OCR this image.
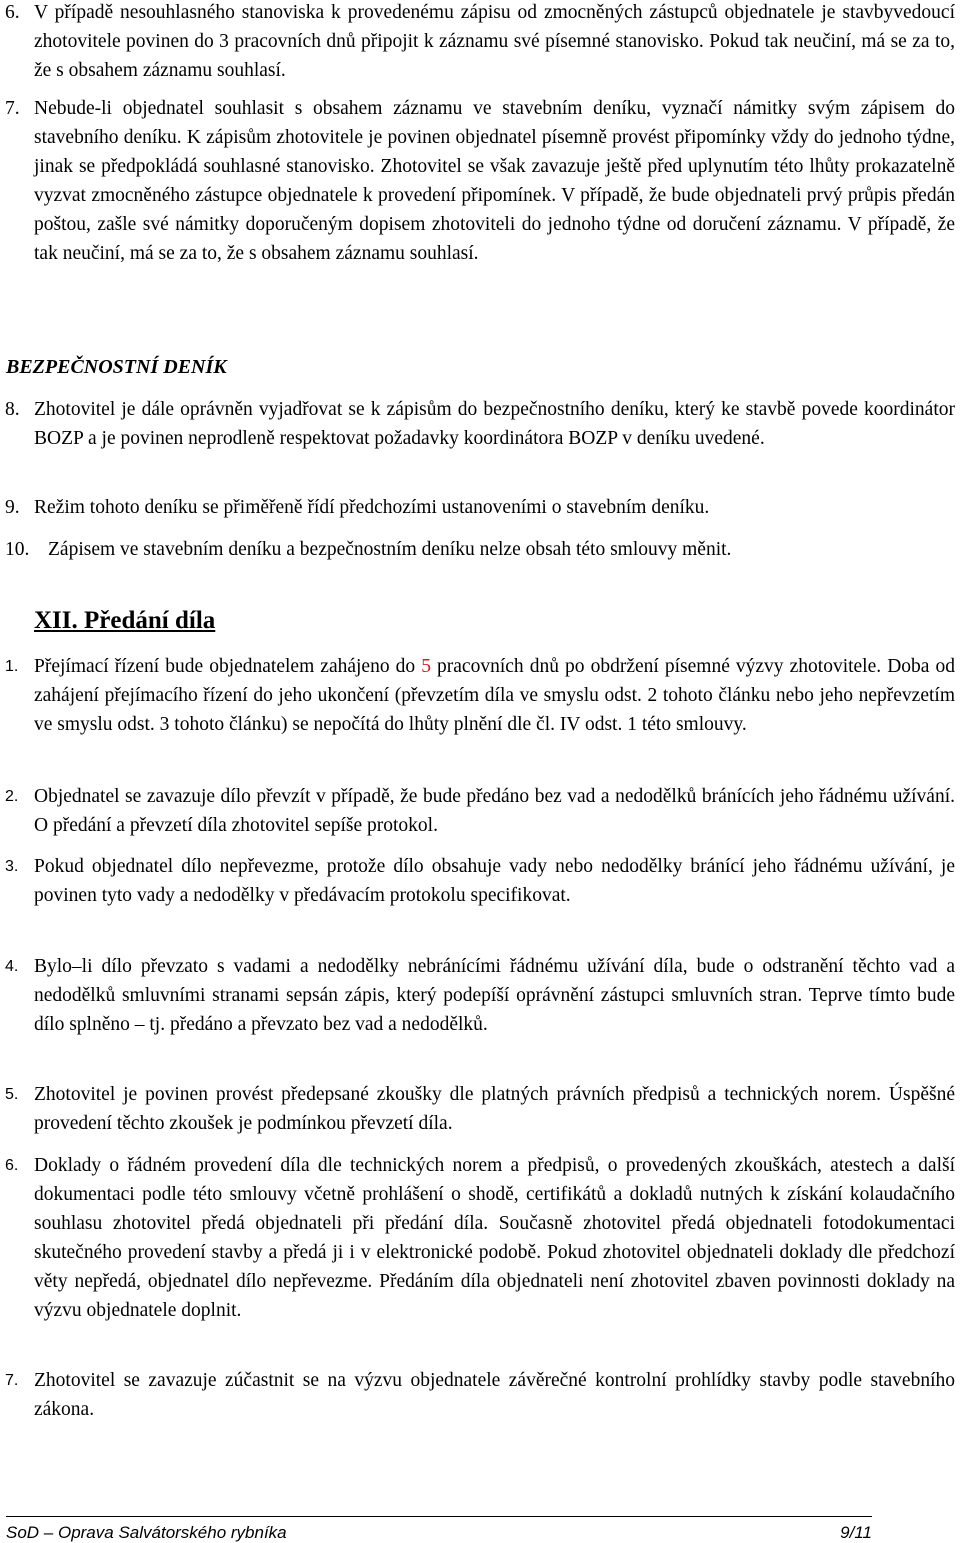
6. V případě nesouhlasného stanoviska k provedenému zápisu od zmocněných zástupců objednatele je stavbyvedoucí zhotovitele povinen do 3 pracovních dnů připojit k záznamu své písemné stanovisko. Pokud tak neučiní, má se za to, že s obsahem záznamu souhlasí.
7. Nebude-li objednatel souhlasit s obsahem záznamu ve stavebním deníku, vyznačí námitky svým zápisem do stavebního deníku. K zápisům zhotovitele je povinen objednatel písemně provést připomínky vždy do jednoho týdne, jinak se předpokládá souhlasné stanovisko. Zhotovitel se však zavazuje ještě před uplynutím této lhůty prokazatelně vyzvat zmocněného zástupce objednatele k provedení připomínek. V případě, že bude objednateli prvý průpis předán poštou, zašle své námitky doporučeným dopisem zhotoviteli do jednoho týdne od doručení záznamu. V případě, že tak neučiní, má se za to, že s obsahem záznamu souhlasí.
BEZPEČNOSTNÍ DENÍK
8. Zhotovitel je dále oprávněn vyjadřovat se k zápisům do bezpečnostního deníku, který ke stavbě povede koordinátor BOZP a je povinen neprodleně respektovat požadavky koordinátora BOZP v deníku uvedené.
9. Režim tohoto deníku se přiměřeně řídí předchozími ustanoveními o stavebním deníku.
10. Zápisem ve stavebním deníku a bezpečnostním deníku nelze obsah této smlouvy měnit.
XII. Předání díla
1. Přejímací řízení bude objednatelem zahájeno do 5 pracovních dnů po obdržení písemné výzvy zhotovitele. Doba od zahájení přejímacího řízení do jeho ukončení (převzetím díla ve smyslu odst. 2 tohoto článku nebo jeho nepřevzetím ve smyslu odst. 3 tohoto článku) se nepočítá do lhůty plnění dle čl. IV odst. 1 této smlouvy.
2. Objednatel se zavazuje dílo převzít v případě, že bude předáno bez vad a nedodělků bránících jeho řádnému užívání. O předání a převzetí díla zhotovitel sepíše protokol.
3. Pokud objednatel dílo nepřevezme, protože dílo obsahuje vady nebo nedodělky bránící jeho řádnému užívání, je povinen tyto vady a nedodělky v předávacím protokolu specifikovat.
4. Bylo–li dílo převzato s vadami a nedodělky nebránícími řádnému užívání díla, bude o odstranění těchto vad a nedodělků smluvními stranami sepsán zápis, který podepíší oprávnění zástupci smluvních stran. Teprve tímto bude dílo splněno – tj. předáno a převzato bez vad a nedodělků.
5. Zhotovitel je povinen provést předepsané zkoušky dle platných právních předpisů a technických norem. Úspěšné provedení těchto zkoušek je podmínkou převzetí díla.
6. Doklady o řádném provedení díla dle technických norem a předpisů, o provedených zkouškách, atestech a další dokumentaci podle této smlouvy včetně prohlášení o shodě, certifikátů a dokladů nutných k získání kolaudačního souhlasu zhotovitel předá objednateli při předání díla. Současně zhotovitel předá objednateli fotodokumentaci skutečného provedení stavby a předá ji i v elektronické podobě. Pokud zhotovitel objednateli doklady dle předchozí věty nepředá, objednatel dílo nepřevezme. Předáním díla objednateli není zhotovitel zbaven povinnosti doklady na výzvu objednatele doplnit.
7. Zhotovitel se zavazuje zúčastnit se na výzvu objednatele závěrečné kontrolní prohlídky stavby podle stavebního zákona.
SoD – Oprava Salvátorského rybníka	9/11
